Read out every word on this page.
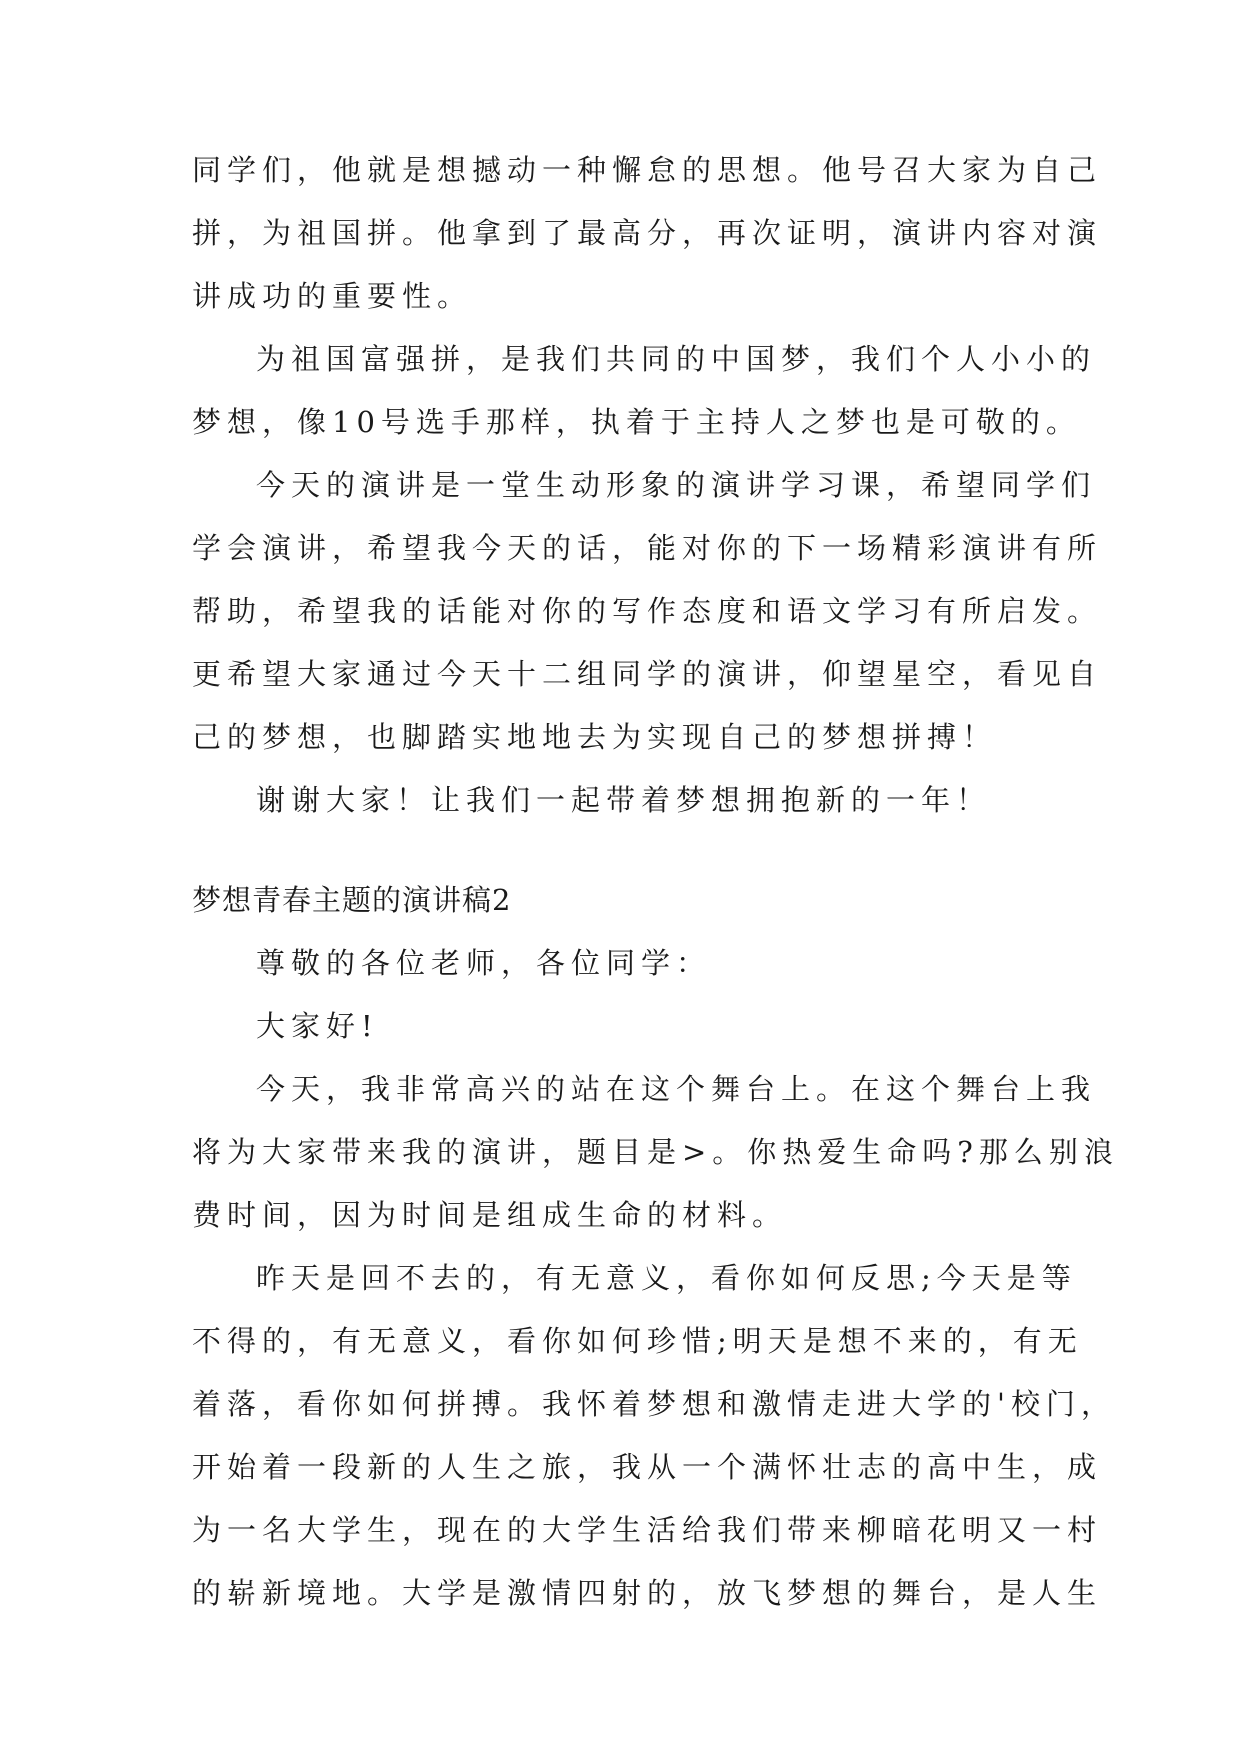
同学们，他就是想撼动一种懈怠的思想。他号召大家为自己
拼，为祖国拼。他拿到了最高分，再次证明，演讲内容对演
讲成功的重要性。
为祖国富强拼，是我们共同的中国梦，我们个人小小的
梦想，像10号选手那样，执着于主持人之梦也是可敬的。
今天的演讲是一堂生动形象的演讲学习课，希望同学们
学会演讲，希望我今天的话，能对你的下一场精彩演讲有所
帮助，希望我的话能对你的写作态度和语文学习有所启发。
更希望大家通过今天十二组同学的演讲，仰望星空，看见自
己的梦想，也脚踏实地地去为实现自己的梦想拼搏！
谢谢大家！让我们一起带着梦想拥抱新的一年！
梦想青春主题的演讲稿2
尊敬的各位老师，各位同学：
大家好!
今天，我非常高兴的站在这个舞台上。在这个舞台上我
将为大家带来我的演讲，题目是>。你热爱生命吗?那么别浪
费时间，因为时间是组成生命的材料。
昨天是回不去的，有无意义，看你如何反思;今天是等
不得的，有无意义，看你如何珍惜;明天是想不来的，有无
着落，看你如何拼搏。我怀着梦想和激情走进大学的'校门，
开始着一段新的人生之旅，我从一个满怀壮志的高中生，成
为一名大学生，现在的大学生活给我们带来柳暗花明又一村
的崭新境地。大学是激情四射的，放飞梦想的舞台，是人生
